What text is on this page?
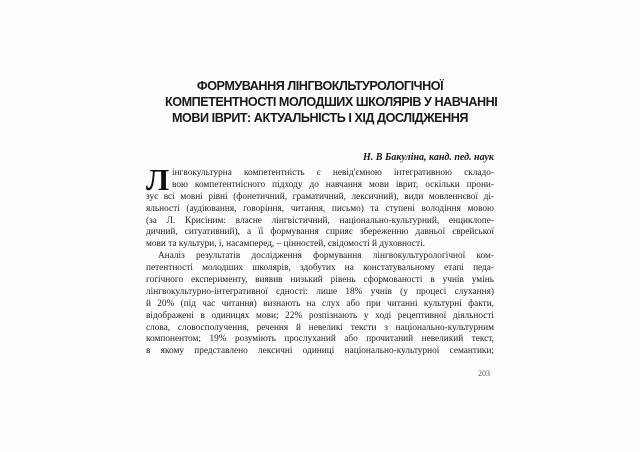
ФОРМУВАННЯ ЛІНГВОКЛЬТУРОЛОГІЧНОЇ
КОМПЕТЕНТНОСТІ МОЛОДШИХ ШКОЛЯРІВ У НАВЧАННІ
МОВИ ІВРИТ: АКТУАЛЬНІСТЬ І ХІД ДОСЛІДЖЕННЯ
Н. В Бакуліна, канд. пед. наук
Л інгвокультурна компетентність є невід'ємною інтегративною складо-
вою компетентнісного підходу до навчання мови іврит, оскільки прони-
зує всі мовні рівні (фонетичний, граматичний, лексичний), види мовленнєвої ді-
яльності (аудіювання, говоріння, читання, письмо) та ступені володіння мовою
(за Л. Крисіним: власне лінгвістичний, національно-культурний, енциклопе-
дичний, ситуативний), а її формування сприяє збереженню давньої єврейської
мови та культури, і, насамперед, – цінностей, свідомості й духовності.
Аналіз результатів дослідження формування лінгвокультурологічної ком-
петентності молодших школярів, здобутих на констатувальному етапі педа-
гогічного експерименту, виявив низький рівень сформованості в учнів умінь
лінгвокультурно-інтегративної єдності: лише 18% учнів (у процесі слухання)
й 20% (під час читання) визнають на слух або при читанні культурні факти,
відображені в одиницях мови; 22% розпізнають у ході рецептивної діяльності
слова, словосполучення, речення й невеликі тексти з національно-культурним
компонентом; 19% розуміють прослуханий або прочитаний невеликий текст,
в якому представлено лексичні одиниці національно-культурної семантики;
203
